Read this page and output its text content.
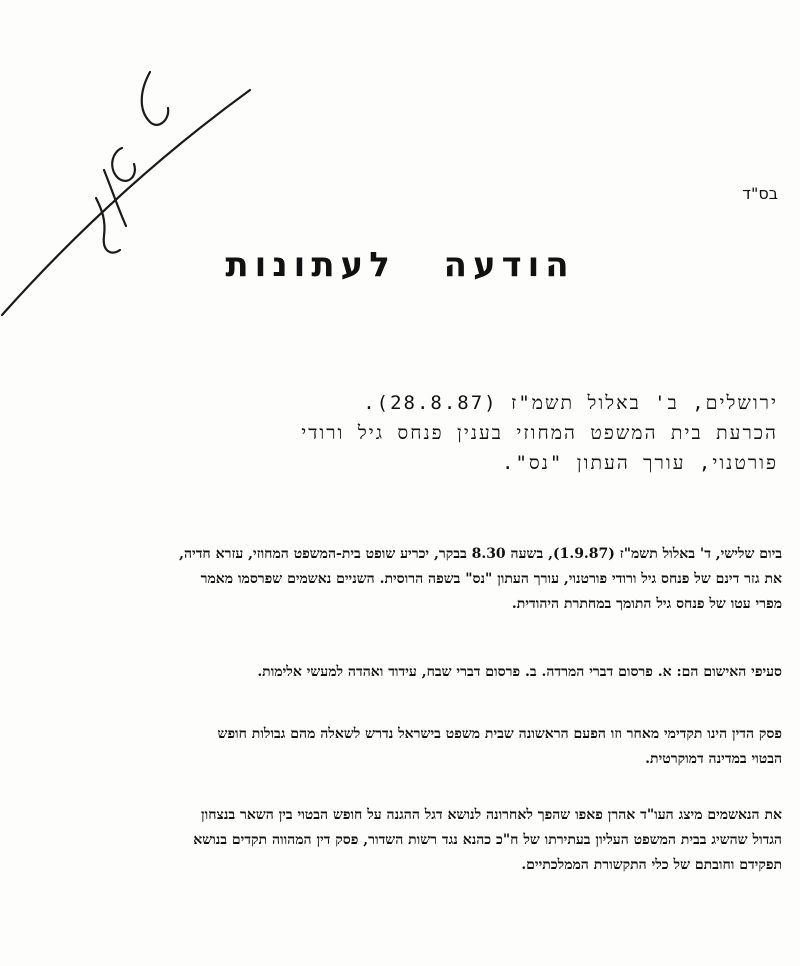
בס"ד
הודעה לעתונות
ירושלים, ב' באלול תשמ"ז (28.8.87).
הכרעת בית המשפט המחוזי בענין פנחס גיל ורודי
פורטנוי, עורך העתון "נס".
ביום שלישי, ד' באלול תשמ"ז (1.9.87), בשעה 8.30 בבקר, יכריע שופט בית-המשפט המחוזי, עזרא חדיה,
את גזר דינם של פנחס גיל ורודי פורטנוי, עורך העתון "נס" בשפה הרוסית. השניים נאשמים שפרסמו מאמר
מפרי עטו של פנחס גיל התומך במחתרת היהודית.
סעיפי האישום הם: א. פרסום דברי המרדה. ב. פרסום דברי שבח, עידוד ואהדה למעשי אלימות.
פסק הדין הינו תקדימי מאחר וזו הפעם הראשונה שבית משפט בישראל נדרש לשאלה מהם גבולות חופש
הבטוי במדינה דמוקרטית.
את הנאשמים מיצג העו"ד אהרן פאפו שהפך לאחרונה לנושא דגל ההגנה על חופש הבטוי בין השאר בנצחון
הגדול שהשיג בבית המשפט העליון בעתירתו של ח"כ כהנא נגד רשות השדור, פסק דין המהווה תקדים בנושא
תפקידם וחובתם של כלי התקשורת הממלכתיים.
